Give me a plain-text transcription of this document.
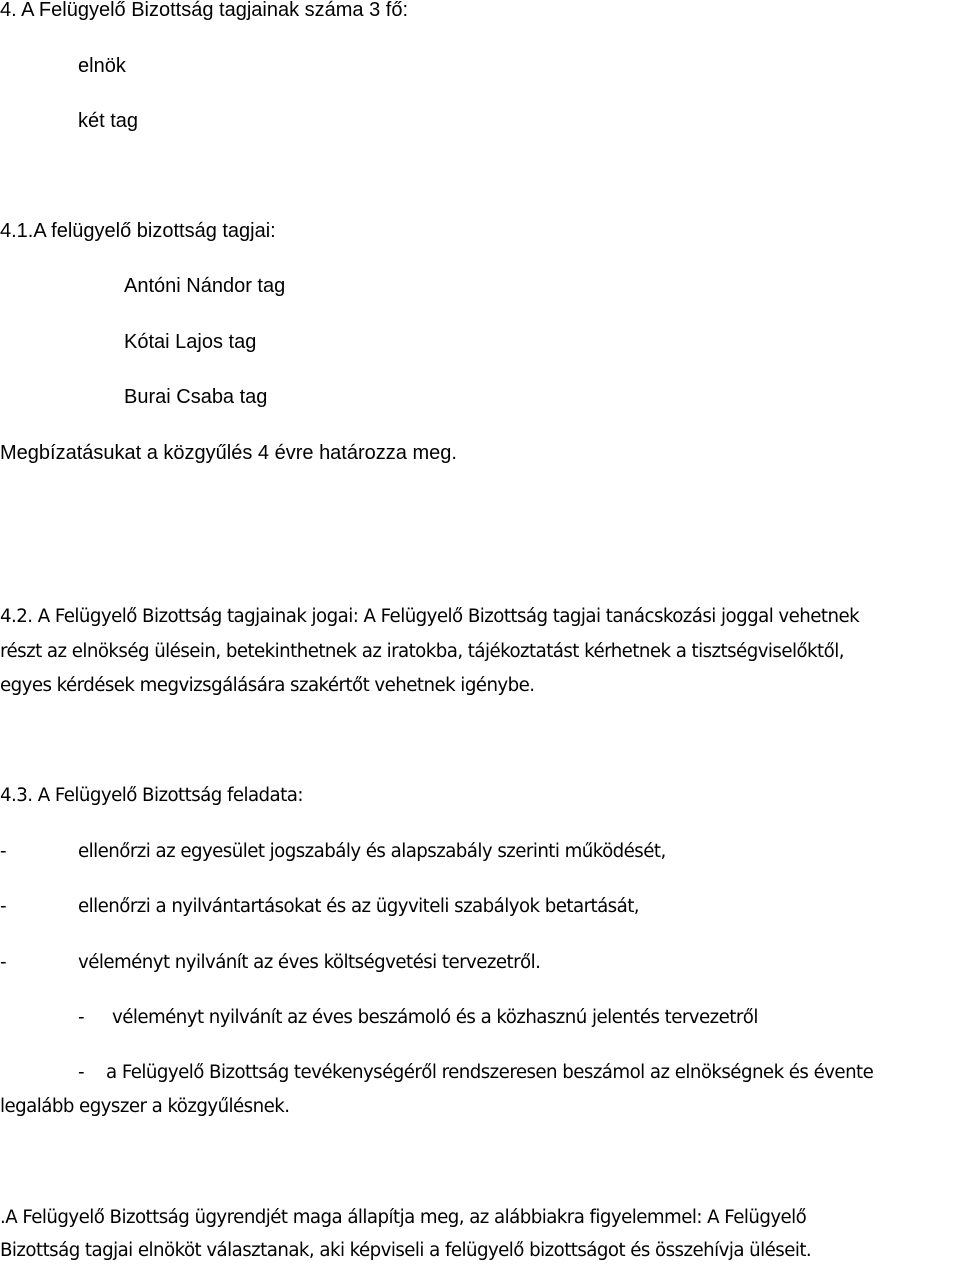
4. A Felügyelő Bizottság tagjainak száma 3 fő:
elnök
két tag
4.1.A felügyelő bizottság tagjai:
Antóni Nándor tag
Kótai Lajos tag
Burai Csaba tag
Megbízatásukat a közgyűlés 4 évre határozza meg.
4.2. A Felügyelő Bizottság tagjainak jogai: A Felügyelő Bizottság tagjai tanácskozási joggal vehetnek
részt az elnökség ülésein, betekinthetnek az iratokba, tájékoztatást kérhetnek a tisztségviselőktől,
egyes kérdések megvizsgálására szakértőt vehetnek igénybe.
4.3. A Felügyelő Bizottság feladata:
-	ellenőrzi az egyesület jogszabály és alapszabály szerinti működését,
-	ellenőrzi a nyilvántartásokat és az ügyviteli szabályok betartását,
-	véleményt nyilvánít az éves költségvetési tervezetről.
- véleményt nyilvánít az éves beszámoló és a közhasznú jelentés tervezetről
- a Felügyelő Bizottság tevékenységéről rendszeresen beszámol az elnökségnek és évente
legalább egyszer a közgyűlésnek.
.A Felügyelő Bizottság ügyrendjét maga állapítja meg, az alábbiakra figyelemmel: A Felügyelő
Bizottság tagjai elnököt választanak, aki képviseli a felügyelő bizottságot és összehívja üléseit.
